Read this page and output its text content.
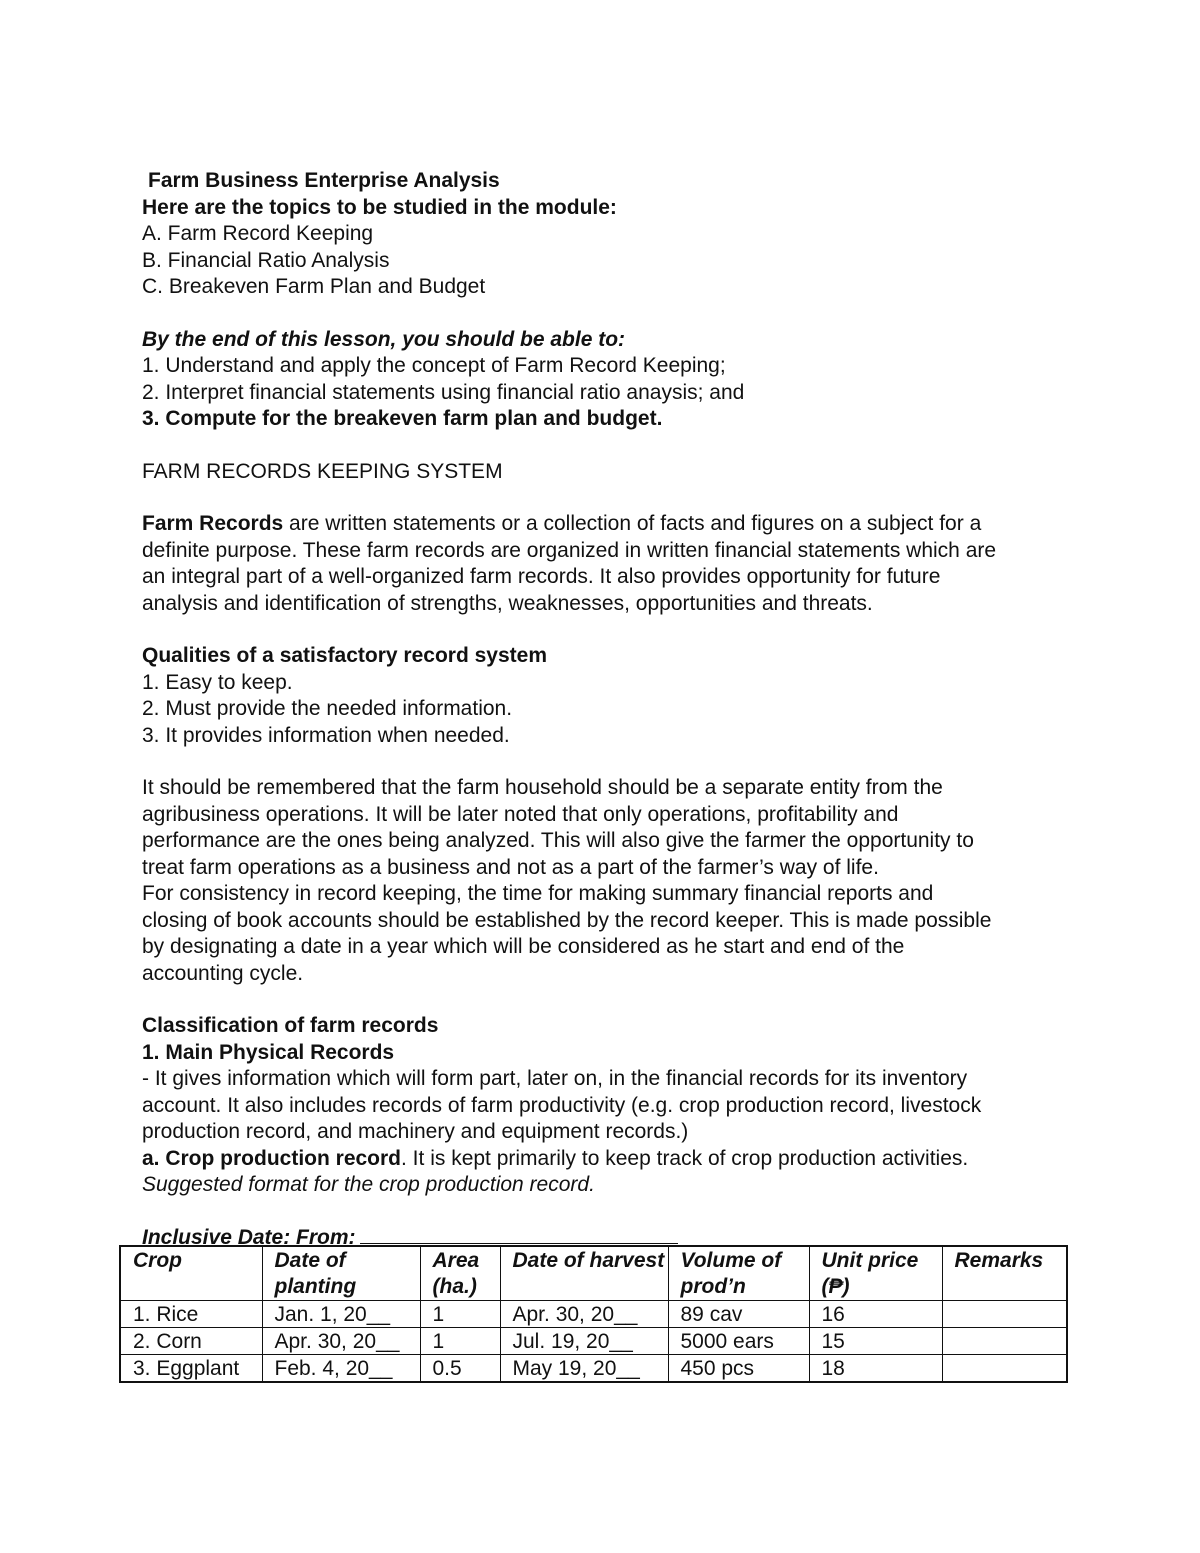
Farm Business Enterprise Analysis
Here are the topics to be studied in the module:
A. Farm Record Keeping
B. Financial Ratio Analysis
C. Breakeven Farm Plan and Budget
By the end of this lesson, you should be able to:
1. Understand and apply the concept of Farm Record Keeping;
2. Interpret financial statements using financial ratio anaysis; and
3. Compute for the breakeven farm plan and budget.
FARM RECORDS KEEPING SYSTEM
Farm Records are written statements or a collection of facts and figures on a subject for a
definite purpose. These farm records are organized in written financial statements which are
an integral part of a well-organized farm records. It also provides opportunity for future
analysis and identification of strengths, weaknesses, opportunities and threats.
Qualities of a satisfactory record system
1. Easy to keep.
2. Must provide the needed information.
3. It provides information when needed.
It should be remembered that the farm household should be a separate entity from the
agribusiness operations. It will be later noted that only operations, profitability and
performance are the ones being analyzed. This will also give the farmer the opportunity to
treat farm operations as a business and not as a part of the farmer’s way of life.
For consistency in record keeping, the time for making summary financial reports and
closing of book accounts should be established by the record keeper. This is made possible
by designating a date in a year which will be considered as he start and end of the
accounting cycle.
Classification of farm records
1. Main Physical Records
- It gives information which will form part, later on, in the financial records for its inventory
account. It also includes records of farm productivity (e.g. crop production record, livestock
production record, and machinery and equipment records.)
a. Crop production record. It is kept primarily to keep track of crop production activities.
Suggested format for the crop production record.
Inclusive Date: From:
Crop	Date of planting	Area (ha.)	Date of harvest	Volume of prod’n	Unit price (₱)	Remarks
1. Rice	Jan. 1, 20__	1	Apr. 30, 20__	89 cav	16	
2. Corn	Apr. 30, 20__	1	Jul. 19, 20__	5000 ears	15	
3. Eggplant	Feb. 4, 20__	0.5	May 19, 20__	450 pcs	18	
